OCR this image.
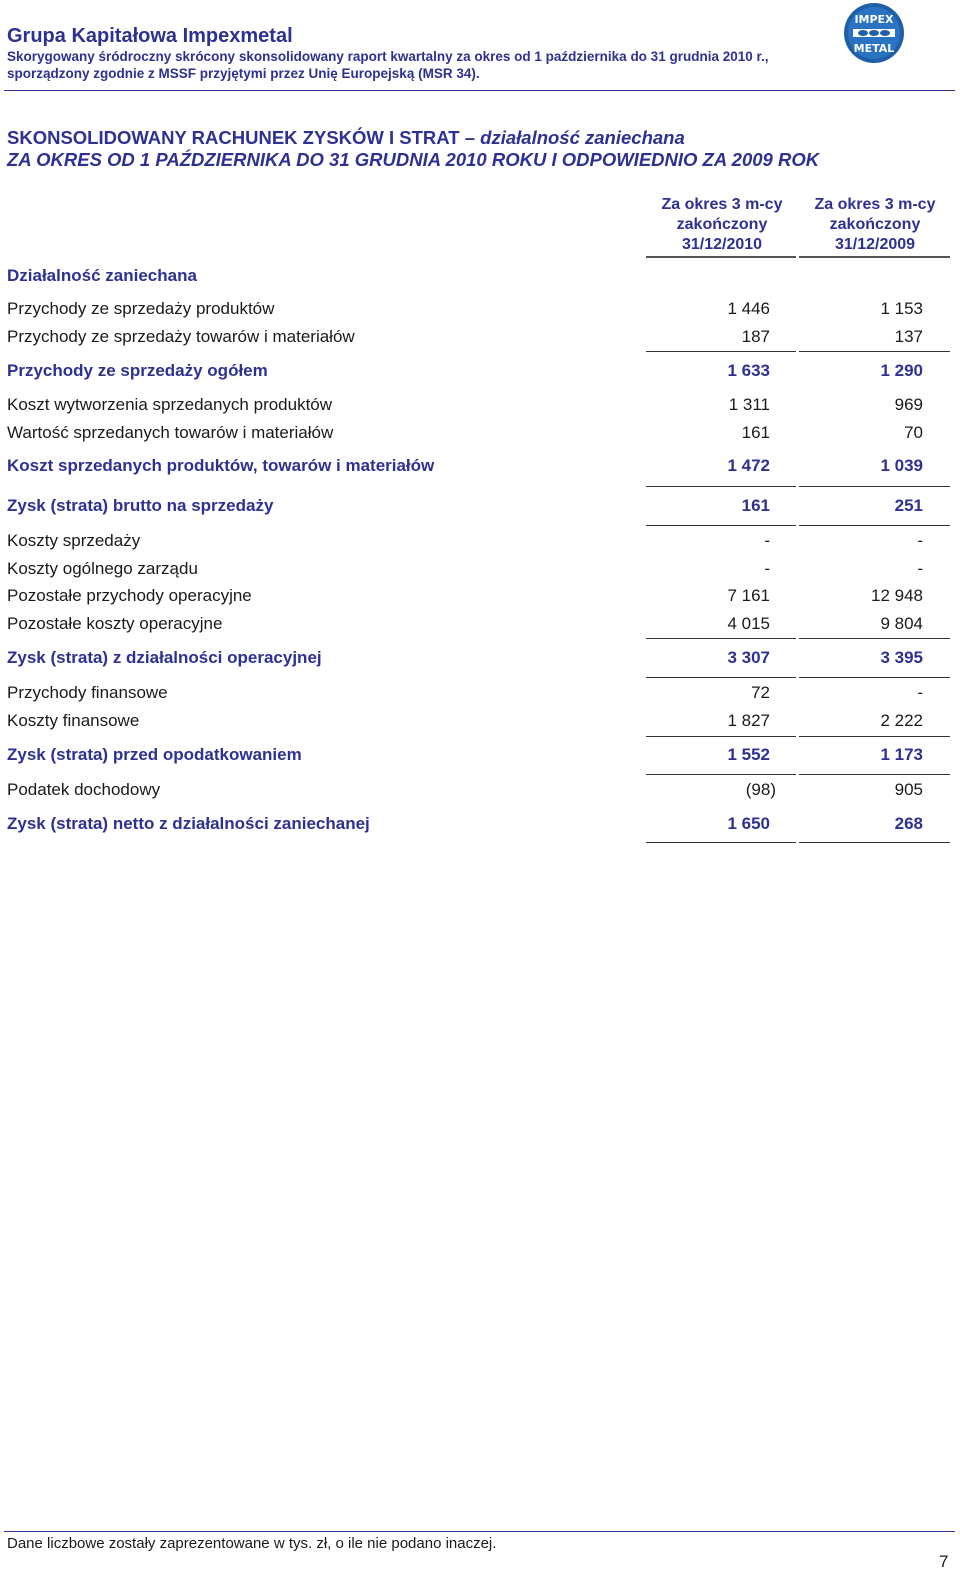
Grupa Kapitałowa Impexmetal
Skorygowany śródroczny skrócony skonsolidowany raport kwartalny za okres od 1 października do 31 grudnia 2010 r.,
sporządzony zgodnie z MSSF przyjętymi przez Unię Europejską (MSR 34).
IMPEX
METAL
SKONSOLIDOWANY RACHUNEK ZYSKÓW I STRAT – działalność zaniechana
ZA OKRES OD 1 PAŹDZIERNIKA DO 31 GRUDNIA 2010 ROKU I ODPOWIEDNIO ZA 2009 ROK
Za okres 3 m-cy
zakończony
31/12/2010
Za okres 3 m-cy
zakończony
31/12/2009
Działalność zaniechana
Przychody ze sprzedaży produktów	1 446	1 153
Przychody ze sprzedaży towarów i materiałów	187	137
Przychody ze sprzedaży ogółem	1 633	1 290
Koszt wytworzenia sprzedanych produktów	1 311	969
Wartość sprzedanych towarów i materiałów	161	70
Koszt sprzedanych produktów, towarów i materiałów	1 472	1 039
Zysk (strata) brutto na sprzedaży	161	251
Koszty sprzedaży	-	-
Koszty ogólnego zarządu	-	-
Pozostałe przychody operacyjne	7 161	12 948
Pozostałe koszty operacyjne	4 015	9 804
Zysk (strata) z działalności operacyjnej	3 307	3 395
Przychody finansowe	72	-
Koszty finansowe	1 827	2 222
Zysk (strata) przed opodatkowaniem	1 552	1 173
Podatek dochodowy	(98)	905
Zysk (strata) netto z działalności zaniechanej	1 650	268
Dane liczbowe zostały zaprezentowane w tys. zł, o ile nie podano inaczej.
7
